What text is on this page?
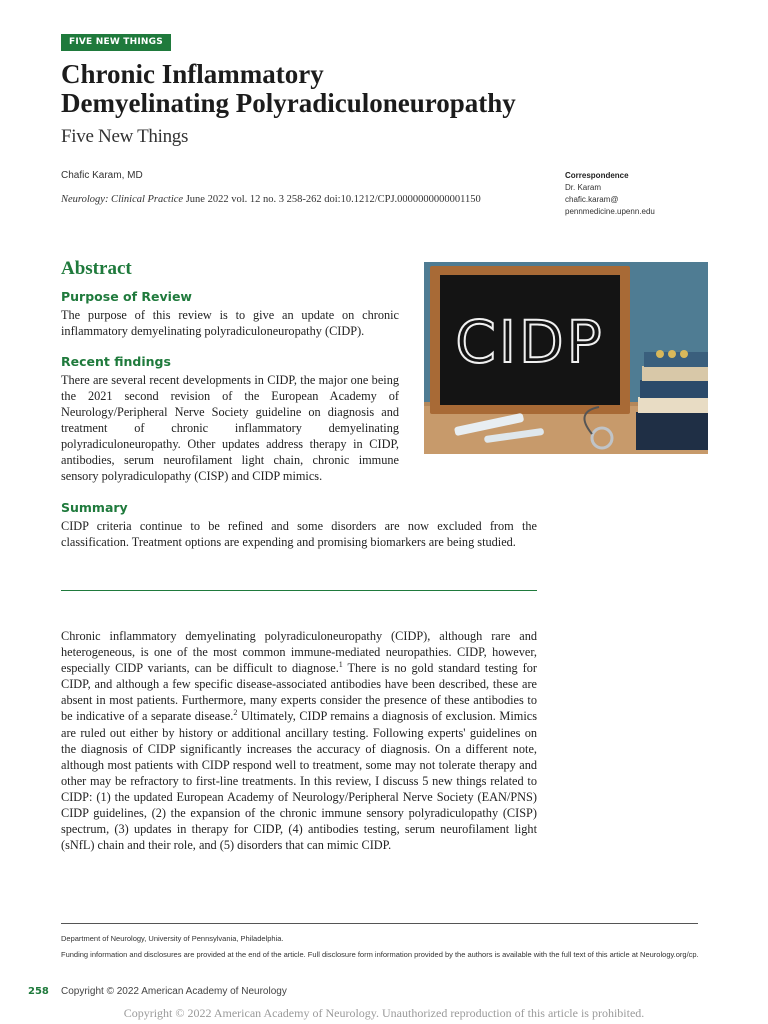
FIVE NEW THINGS
Chronic Inflammatory
Demyelinating Polyradiculoneuropathy
Five New Things
Chafic Karam, MD
Neurology: Clinical Practice June 2022 vol. 12 no. 3 258-262 doi:10.1212/CPJ.0000000000001150
Correspondence
Dr. Karam
chafic.karam@
pennmedicine.upenn.edu
Abstract
Purpose of Review
The purpose of this review is to give an update on chronic inflammatory demyelinating polyradiculoneuropathy (CIDP).
Recent findings
There are several recent developments in CIDP, the major one being the 2021 second revision of the European Academy of Neurology/Peripheral Nerve Society guideline on diagnosis and treatment of chronic inflammatory demyelinating polyradiculoneuropathy. Other updates address therapy in CIDP, antibodies, serum neurofilament light chain, chronic immune sensory polyradiculopathy (CISP) and CIDP mimics.
Summary
CIDP criteria continue to be refined and some disorders are now excluded from the classification. Treatment options are expending and promising biomarkers are being studied.
CIDP
Chronic inflammatory demyelinating polyradiculoneuropathy (CIDP), although rare and heterogeneous, is one of the most common immune-mediated neuropathies. CIDP, however, especially CIDP variants, can be difficult to diagnose.$^1$ There is no gold standard testing for CIDP, and although a few specific disease-associated antibodies have been described, these are absent in most patients. Furthermore, many experts consider the presence of these antibodies to be indicative of a separate disease.$^2$ Ultimately, CIDP remains a diagnosis of exclusion. Mimics are ruled out either by history or additional ancillary testing. Following experts' guidelines on the diagnosis of CIDP significantly increases the accuracy of diagnosis. On a different note, although most patients with CIDP respond well to treatment, some may not tolerate therapy and other may be refractory to first-line treatments. In this review, I discuss 5 new things related to CIDP: (1) the updated European Academy of Neurology/Peripheral Nerve Society (EAN/PNS) CIDP guidelines, (2) the expansion of the chronic immune sensory polyradiculopathy (CISP) spectrum, (3) updates in therapy for CIDP, (4) antibodies testing, serum neurofilament light (sNfL) chain and their role, and (5) disorders that can mimic CIDP.
Department of Neurology, University of Pennsylvania, Philadelphia.
Funding information and disclosures are provided at the end of the article. Full disclosure form information provided by the authors is available with the full text of this article at Neurology.org/cp.
258 Copyright © 2022 American Academy of Neurology
Copyright © 2022 American Academy of Neurology. Unauthorized reproduction of this article is prohibited.
